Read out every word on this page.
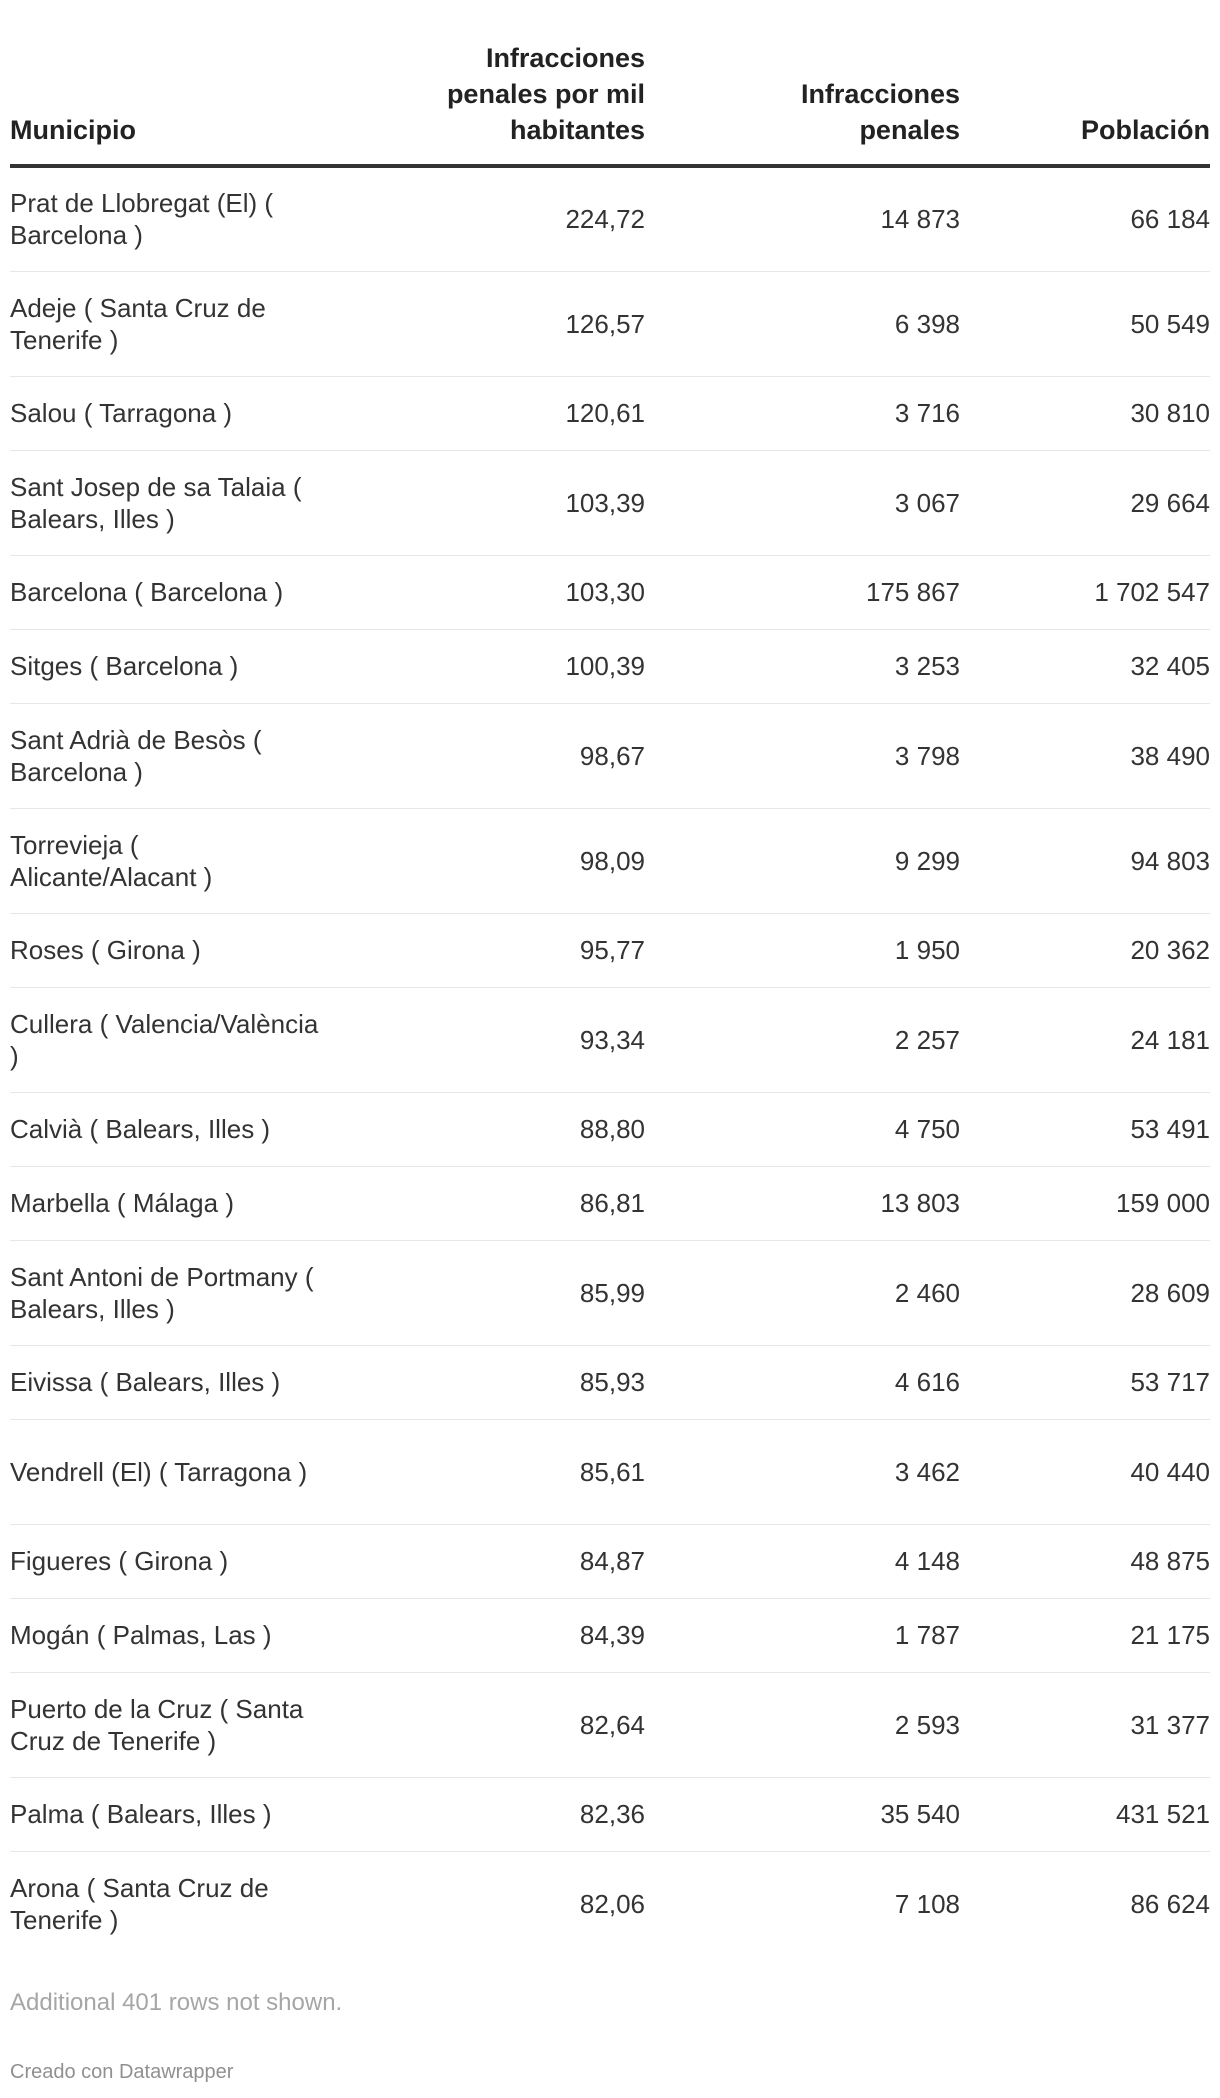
Municipio	Infracciones penales por mil habitantes	Infracciones penales	Población
Prat de Llobregat (El) ( Barcelona )	224,72	14 873	66 184
Adeje ( Santa Cruz de Tenerife )	126,57	6 398	50 549
Salou ( Tarragona )	120,61	3 716	30 810
Sant Josep de sa Talaia ( Balears, Illes )	103,39	3 067	29 664
Barcelona ( Barcelona )	103,30	175 867	1 702 547
Sitges ( Barcelona )	100,39	3 253	32 405
Sant Adrià de Besòs ( Barcelona )	98,67	3 798	38 490
Torrevieja ( Alicante/Alacant )	98,09	9 299	94 803
Roses ( Girona )	95,77	1 950	20 362
Cullera ( Valencia/València )	93,34	2 257	24 181
Calvià ( Balears, Illes )	88,80	4 750	53 491
Marbella ( Málaga )	86,81	13 803	159 000
Sant Antoni de Portmany ( Balears, Illes )	85,99	2 460	28 609
Eivissa ( Balears, Illes )	85,93	4 616	53 717
Vendrell (El) ( Tarragona )	85,61	3 462	40 440
Figueres ( Girona )	84,87	4 148	48 875
Mogán ( Palmas, Las )	84,39	1 787	21 175
Puerto de la Cruz ( Santa Cruz de Tenerife )	82,64	2 593	31 377
Palma ( Balears, Illes )	82,36	35 540	431 521
Arona ( Santa Cruz de Tenerife )	82,06	7 108	86 624
Additional 401 rows not shown.
Creado con Datawrapper
